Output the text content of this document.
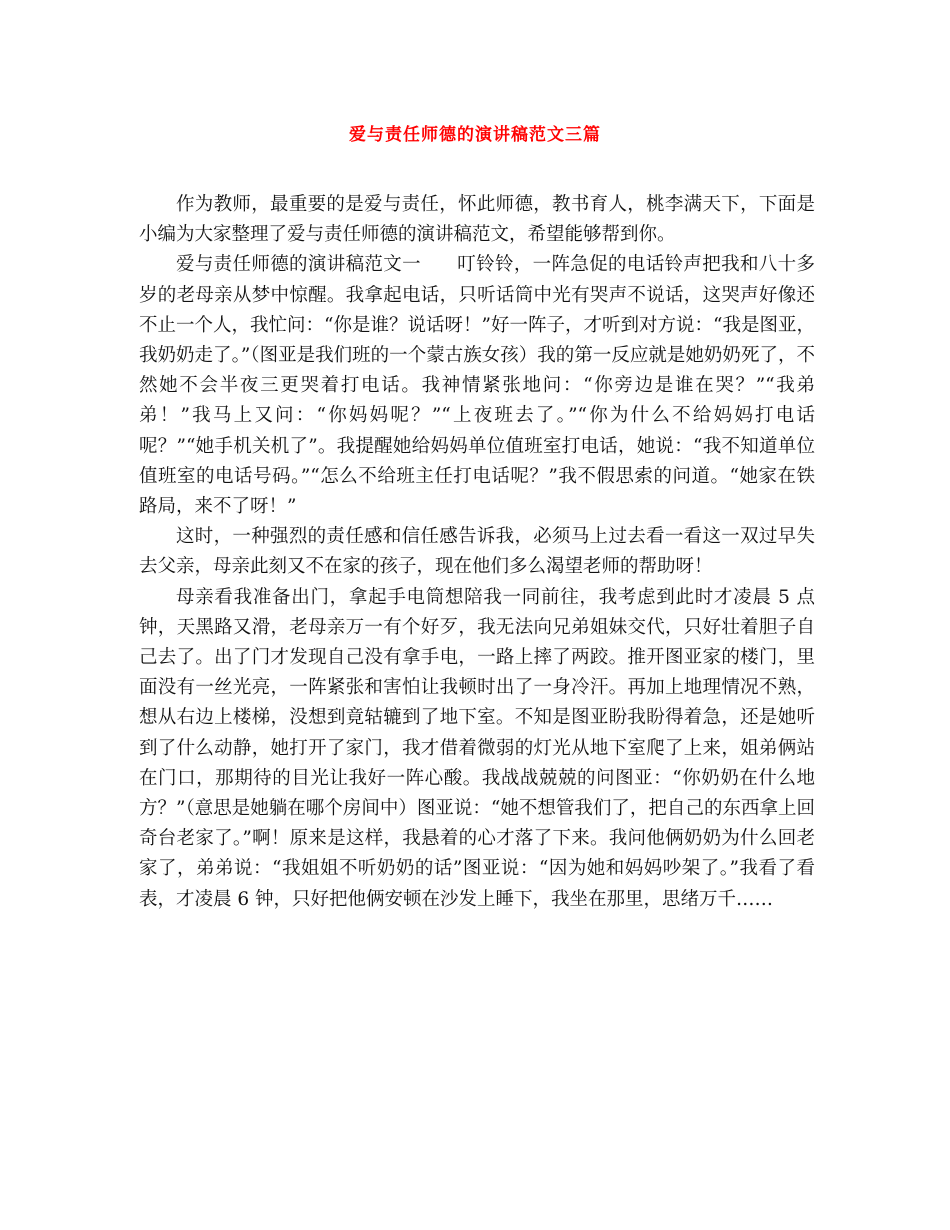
爱与责任师德的演讲稿范文三篇

作为教师，最重要的是爱与责任，怀此师德，教书育人，桃李满天下，下面是小编为大家整理了爱与责任师德的演讲稿范文，希望能够帮到你。

爱与责任师德的演讲稿范文一 叮铃铃，一阵急促的电话铃声把我和八十多岁的老母亲从梦中惊醒。我拿起电话，只听话筒中光有哭声不说话，这哭声好像还不止一个人，我忙问：“你是谁？说话呀！”好一阵子，才听到对方说：“我是图亚，我奶奶走了。”（图亚是我们班的一个蒙古族女孩）我的第一反应就是她奶奶死了，不然她不会半夜三更哭着打电话。我神情紧张地问：“你旁边是谁在哭？”“我弟弟！”我马上又问：“你妈妈呢？”“上夜班去了。”“你为什么不给妈妈打电话呢？”“她手机关机了”。我提醒她给妈妈单位值班室打电话，她说：“我不知道单位值班室的电话号码。”“怎么不给班主任打电话呢？”我不假思索的问道。“她家在铁路局，来不了呀！”

这时，一种强烈的责任感和信任感告诉我，必须马上过去看一看这一双过早失去父亲，母亲此刻又不在家的孩子，现在他们多么渴望老师的帮助呀！

母亲看我准备出门，拿起手电筒想陪我一同前往，我考虑到此时才凌晨 5 点钟，天黑路又滑，老母亲万一有个好歹，我无法向兄弟姐妹交代，只好壮着胆子自己去了。出了门才发现自己没有拿手电，一路上摔了两跤。推开图亚家的楼门，里面没有一丝光亮，一阵紧张和害怕让我顿时出了一身冷汗。再加上地理情况不熟，想从右边上楼梯，没想到竟轱辘到了地下室。不知是图亚盼我盼得着急，还是她听到了什么动静，她打开了家门，我才借着微弱的灯光从地下室爬了上来，姐弟俩站在门口，那期待的目光让我好一阵心酸。我战战兢兢的问图亚：“你奶奶在什么地方？”（意思是她躺在哪个房间中）图亚说：“她不想管我们了，把自己的东西拿上回奇台老家了。”啊！原来是这样，我悬着的心才落了下来。我问他俩奶奶为什么回老家了，弟弟说：“我姐姐不听奶奶的话”图亚说：“因为她和妈妈吵架了。”我看了看表，才凌晨 6 钟，只好把他俩安顿在沙发上睡下，我坐在那里，思绪万千……
